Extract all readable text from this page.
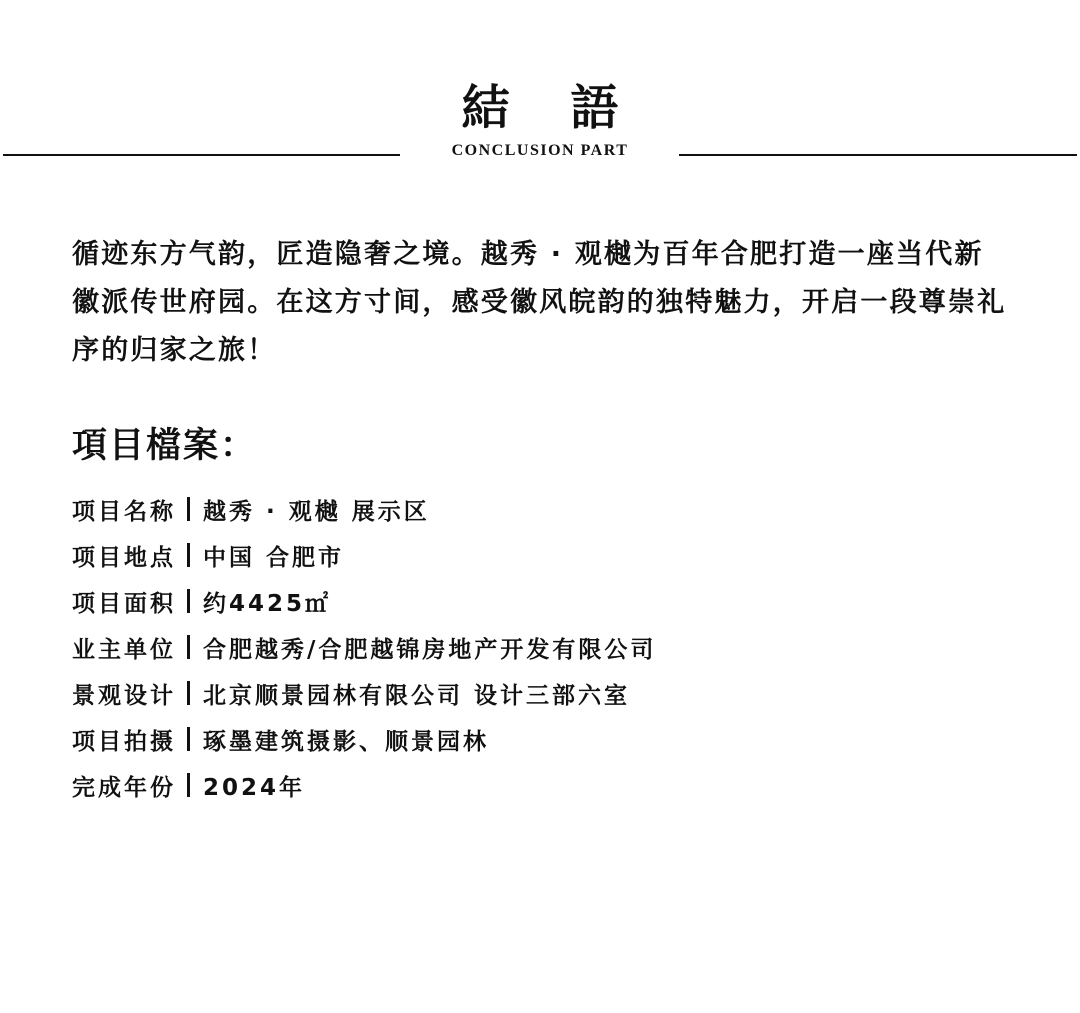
結 語
CONCLUSION PART

循迹东方气韵，匠造隐奢之境。越秀 · 观樾为百年合肥打造一座当代新徽派传世府园。在这方寸间，感受徽风皖韵的独特魅力，开启一段尊崇礼序的归家之旅！

項目檔案：
项目名称 越秀 · 观樾 展示区
项目地点 中国 合肥市
项目面积 约4425㎡
业主单位 合肥越秀/合肥越锦房地产开发有限公司
景观设计 北京顺景园林有限公司 设计三部六室
项目拍摄 琢墨建筑摄影、顺景园林
完成年份 2024年
